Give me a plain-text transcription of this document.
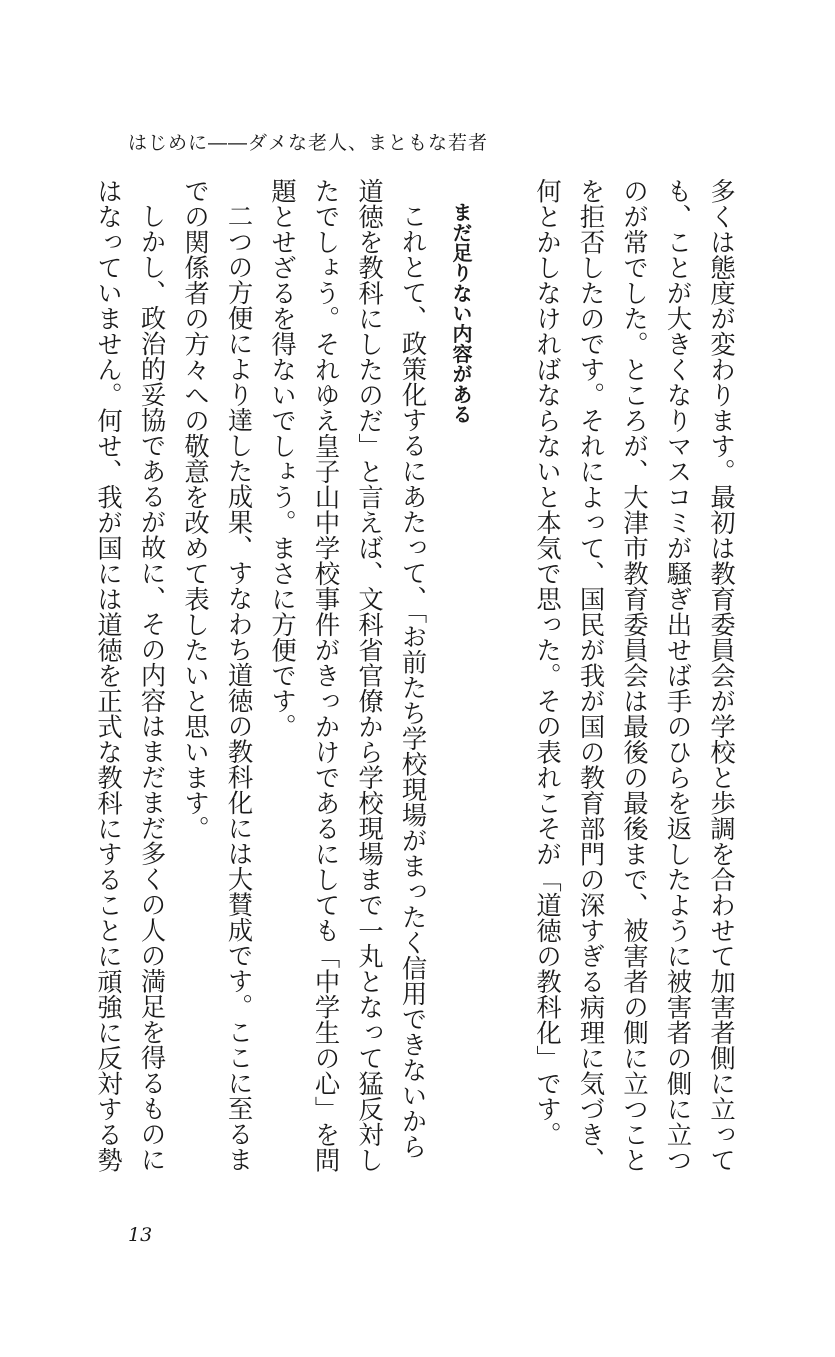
はじめに――ダメな老人、まともな若者
多くは態度が変わります。最初は教育委員会が学校と歩調を合わせて加害者側に立って
も、ことが大きくなりマスコミが騒ぎ出せば手のひらを返したように被害者の側に立つ
のが常でした。ところが、大津市教育委員会は最後の最後まで、被害者の側に立つこと
を拒否したのです。それによって、国民が我が国の教育部門の深すぎる病理に気づき、
何とかしなければならないと本気で思った。その表れこそが「道徳の教科化」です。
まだ足りない内容がある
これとて、政策化するにあたって、「お前たち学校現場がまったく信用できないから
道徳を教科にしたのだ」と言えば、文科省官僚から学校現場まで一丸となって猛反対し
たでしょう。それゆえ皇子山中学校事件がきっかけであるにしても「中学生の心」を問
題とせざるを得ないでしょう。まさに方便です。
二つの方便により達した成果、すなわち道徳の教科化には大賛成です。ここに至るま
での関係者の方々への敬意を改めて表したいと思います。
しかし、政治的妥協であるが故に、その内容はまだまだ多くの人の満足を得るものに
はなっていません。何せ、我が国には道徳を正式な教科にすることに頑強に反対する勢
13
